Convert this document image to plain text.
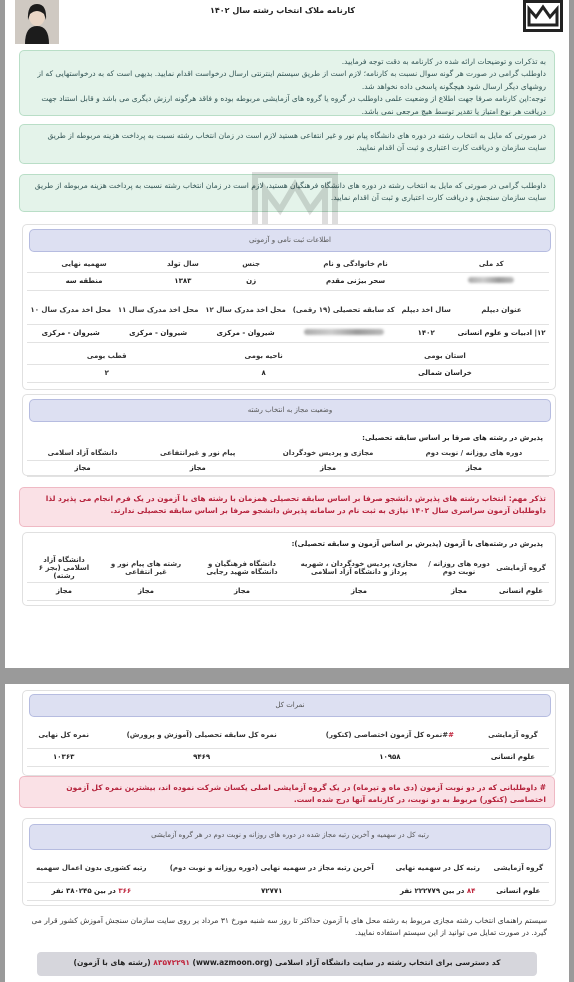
کارنامه ملاک انتخاب رشته سال ۱۴۰۲
به تذکرات و توضیحات ارائه شده در کارنامه به دقت توجه فرمایید.
داوطلب گرامی در صورت هر گونه سوال نسبت به کارنامه؛ لازم است از طریق سیستم اینترنتی ارسال درخواست اقدام نمایید. بدیهی است که به درخواستهایی که از روشهای دیگر ارسال شود هیچگونه پاسخی داده نخواهد شد.
توجه:این کارنامه صرفا جهت اطلاع از وضعیت علمی داوطلب در گروه یا گروه های آزمایشی مربوطه بوده و فاقد هرگونه ارزش دیگری می باشد و قابل استناد جهت دریافت هر نوع امتیاز یا تقدیر توسط هیچ مرجعی نمی باشد.
در صورتی که مایل به انتخاب رشته در دوره های دانشگاه پیام نور و غیر انتفاعی هستید لازم است در زمان انتخاب رشته نسبت به پرداخت هزینه مربوطه از طریق سایت سازمان و دریافت کارت اعتباری و ثبت آن اقدام نمایید.
داوطلب گرامی در صورتی که مایل به انتخاب رشته در دوره های دانشگاه فرهنگیان هستید، لازم است در زمان انتخاب رشته نسبت به پرداخت هزینه مربوطه از طریق سایت سازمان سنجش و دریافت کارت اعتباری و ثبت آن اقدام نمایید.
اطلاعات ثبت نامی و آزمونی
کد ملی	نام خانوادگی و نام	جنس	سال تولد	سهمیه نهایی
	سحر بیژنی مقدم	زن	۱۳۸۳	منطقه سه
عنوان دیپلم	سال اخذ دیپلم	کد سابقه تحصیلی (۱۹ رقمی)	محل اخذ مدرک سال ۱۲	محل اخذ مدرک سال ۱۱	محل اخذ مدرک سال ۱۰
۱۲| ادبیات و علوم انسانی	۱۴۰۲		شیروان - مرکزی	شیروان - مرکزی	شیروان - مرکزی
استان بومی	ناحیه بومی	قطب بومی
خراسان شمالی	۸	۲
وضعیت مجاز به انتخاب رشته
پذیرش در رشته های صرفا بر اساس سابقه تحصیلی:
دوره های روزانه / نوبت دوم	مجازی و پردیس خودگردان	پیام نور و غیرانتفاعی	دانشگاه آزاد اسلامی
مجاز	مجاز	مجاز	مجاز
تذکر مهم: انتخاب رشته های پذیرش دانشجو صرفا بر اساس سابقه تحصیلی همزمان با رشته های با آزمون در یک فرم انجام می پذیرد لذا داوطلبان آزمون سراسری سال ۱۴۰۲ نیازی به ثبت نام در سامانه پذیرش دانشجو صرفا بر اساس سابقه تحصیلی ندارند.
پذیرش در رشته‌های با آزمون (پذیرش بر اساس آزمون و سابقه تحصیلی):
گروه آزمایشی	دوره های روزانه / نوبت دوم	مجازی، پردیس خودگردان ، شهریه پرداز و دانشگاه آزاد اسلامی	دانشگاه فرهنگیان و دانشگاه شهید رجایی	رشته های پیام نور و غیر انتفاعی	دانشگاه آزاد اسلامی (بجز ۶ رشته)
علوم انسانی	مجاز	مجاز	مجاز	مجاز	مجاز
نمرات کل
گروه آزمایشی	##نمره کل آزمون اختصاصی (کنکور)	نمره کل سابقه تحصیلی (آموزش و پرورش)	نمره کل نهایی
علوم انسانی	۱۰۹۵۸	۹۴۶۹	۱۰۳۶۳
# داوطلبانی که در دو نوبت آزمون (دی ماه و تیرماه) در یک گروه آزمایشی اصلی یکسان شرکت نموده اند، بیشترین نمره کل آزمون اختصاصی (کنکور) مربوط به دو نوبت، در کارنامه آنها درج شده است.
رتبه کل در سهمیه و آخرین رتبه مجاز شده در دوره های روزانه و نوبت دوم در هر گروه آزمایشی
گروه آزمایشی	رتبه کل در سهمیه نهایی	آخرین رتبه مجاز در سهمیه نهایی (دوره روزانه و نوبت دوم)	رتبه کشوری بدون اعمال سهمیه
علوم انسانی	۸۴ در بین ۲۲۲۷۷۹ نفر	۷۲۷۷۱	۳۶۶ در بین ۳۸۰۲۴۵ نفر
سیستم راهنمای انتخاب رشته مجازی مربوط به رشته محل های با آزمون حداکثر تا روز سه شنبه مورخ ۳۱ مرداد بر روی سایت سازمان سنجش آموزش کشور قرار می گیرد. در صورت تمایل می توانید از این سیستم استفاده نمایید.
کد دسترسی برای انتخاب رشته در سایت دانشگاه آزاد اسلامی (www.azmoon.org) ۸۳۵۷۲۲۹۱ (رشته های با آزمون)
